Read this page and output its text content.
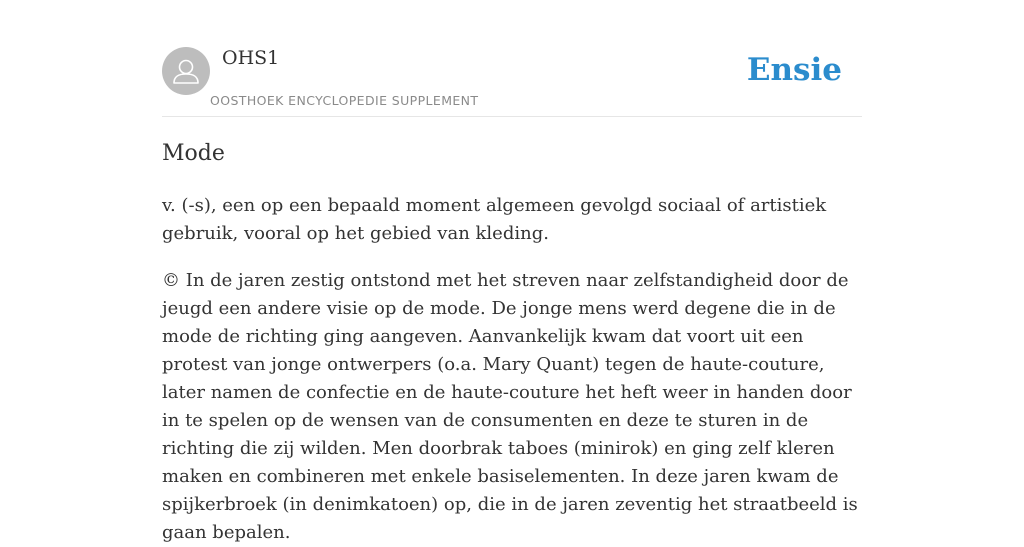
OHS1
OOSTHOEK ENCYCLOPEDIE SUPPLEMENT
Ensie
Mode

v. (-s), een op een bepaald moment algemeen gevolgd sociaal of artistiek gebruik, vooral op het gebied van kleding.

© In de jaren zestig ontstond met het streven naar zelfstandigheid door de jeugd een andere visie op de mode. De jonge mens werd degene die in de mode de richting ging aangeven. Aanvankelijk kwam dat voort uit een protest van jonge ontwerpers (o.a. Mary Quant) tegen de haute-couture, later namen de confectie en de haute-couture het heft weer in handen door in te spelen op de wensen van de consumenten en deze te sturen in de richting die zij wilden. Men doorbrak taboes (minirok) en ging zelf kleren maken en combineren met enkele basiselementen. In deze jaren kwam de spijkerbroek (in denimkatoen) op, die in de jaren zeventig het straatbeeld is gaan bepalen.
